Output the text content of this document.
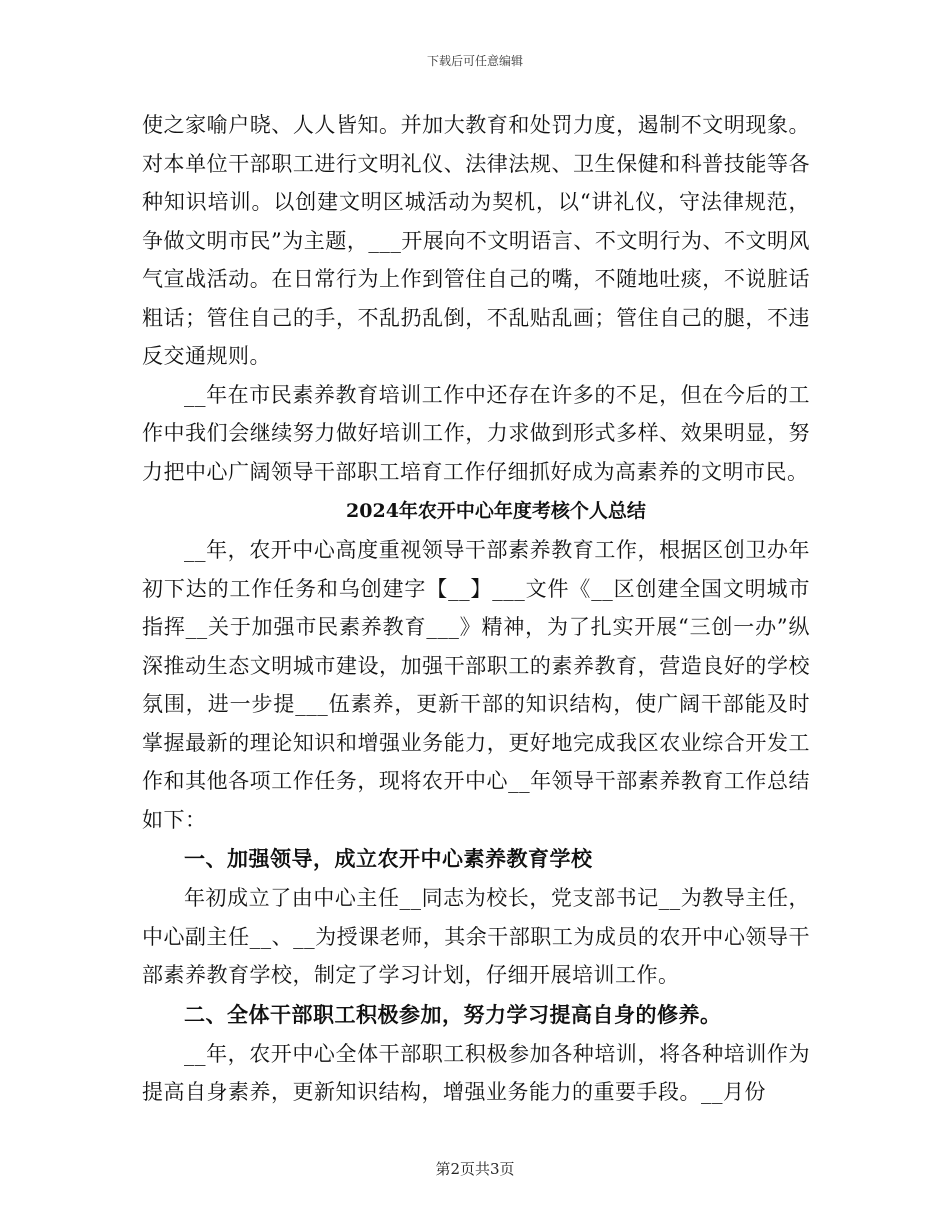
下载后可任意编辑

使之家喻户晓、人人皆知。并加大教育和处罚力度，遏制不文明现象。对本单位干部职工进行文明礼仪、法律法规、卫生保健和科普技能等各种知识培训。以创建文明区城活动为契机，以“讲礼仪，守法律规范，争做文明市民”为主题，___开展向不文明语言、不文明行为、不文明风气宣战活动。在日常行为上作到管住自己的嘴，不随地吐痰，不说脏话粗话；管住自己的手，不乱扔乱倒，不乱贴乱画；管住自己的腿，不违反交通规则。

__年在市民素养教育培训工作中还存在许多的不足，但在今后的工作中我们会继续努力做好培训工作，力求做到形式多样、效果明显，努力把中心广阔领导干部职工培育工作仔细抓好成为高素养的文明市民。

2024年农开中心年度考核个人总结

__年，农开中心高度重视领导干部素养教育工作，根据区创卫办年初下达的工作任务和乌创建字【__】___文件《__区创建全国文明城市指挥__关于加强市民素养教育___》精神，为了扎实开展“三创一办”纵深推动生态文明城市建设，加强干部职工的素养教育，营造良好的学校氛围，进一步提___伍素养，更新干部的知识结构，使广阔干部能及时掌握最新的理论知识和增强业务能力，更好地完成我区农业综合开发工作和其他各项工作任务，现将农开中心__年领导干部素养教育工作总结如下：

一、加强领导，成立农开中心素养教育学校

年初成立了由中心主任__同志为校长，党支部书记__为教导主任，中心副主任__、__为授课老师，其余干部职工为成员的农开中心领导干部素养教育学校，制定了学习计划，仔细开展培训工作。

二、全体干部职工积极参加，努力学习提高自身的修养。

__年，农开中心全体干部职工积极参加各种培训，将各种培训作为提高自身素养，更新知识结构，增强业务能力的重要手段。__月份

第2页共3页
